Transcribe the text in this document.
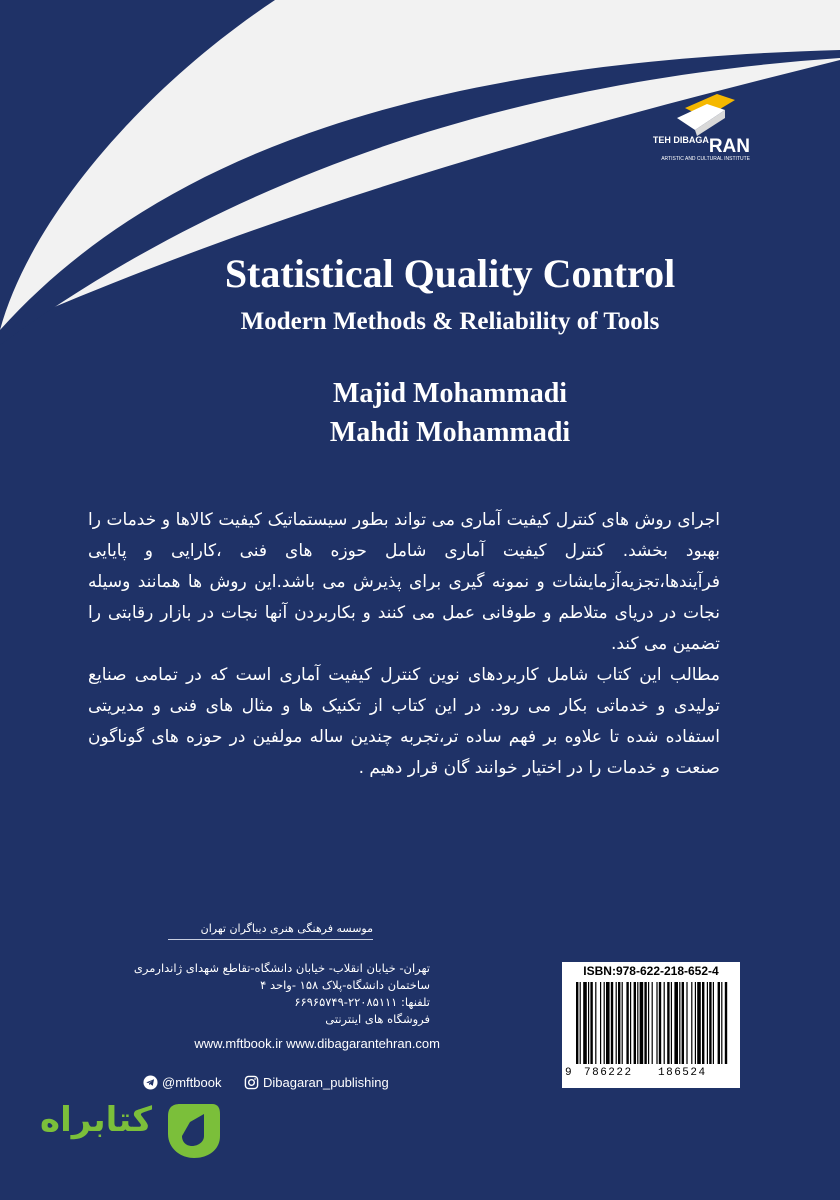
TEH DIBAGARAN
ARTISTIC AND CULTURAL INSTITUTE
Statistical Quality Control
Modern Methods & Reliability of Tools
Majid Mohammadi
Mahdi Mohammadi

اجرای روش های کنترل کیفیت آماری می تواند بطور سیستماتیک کیفیت کالاها و خدمات را بهبود بخشد. کنترل کیفیت آماری شامل حوزه های فنی ،کارایی و پایایی فرآیندها،تجزیه‌آزمایشات و نمونه گیری برای پذیرش می باشد.این روش ها همانند وسیله نجات در دریای متلاطم و طوفانی عمل می کنند و بکاربردن آنها نجات در بازار رقابتی را تضمین می کند.

مطالب این کتاب شامل کاربردهای نوین کنترل کیفیت آماری است که در تمامی صنایع تولیدی و خدماتی بکار می رود. در این کتاب از تکنیک ها و مثال های فنی و مدیریتی استفاده شده تا علاوه بر فهم ساده تر،تجربه چندین ساله مولفین در حوزه های گوناگون صنعت و خدمات را در اختیار خوانند گان قرار دهیم .

موسسه فرهنگی هنری دیباگران تهران
تهران- خیابان انقلاب- خیابان دانشگاه-تقاطع شهدای ژاندارمری
ساختمان دانشگاه-پلاک ۱۵۸ -واحد ۴
تلفنها: ۲۲۰۸۵۱۱۱-۶۶۹۶۵۷۴۹
فروشگاه های اینترنتی
www.mftbook.ir www.dibagarantehran.com
@mftbook	Dibagaran_publishing
ISBN:978-622-218-652-4
9 786222 186524
کتابراه
